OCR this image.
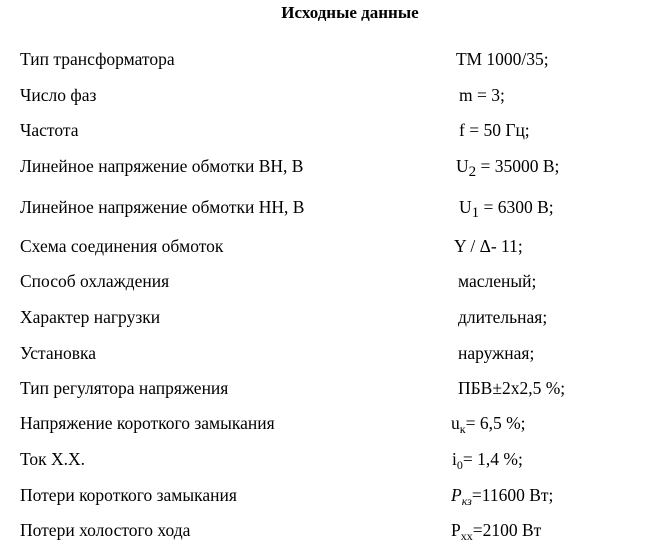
Исходные данные
Тип трансформатора	ТМ 1000/35;
Число фаз	m = 3;
Частота	f = 50 Гц;
Линейное напряжение обмотки ВН, В	U2 = 35000 В;
Линейное напряжение обмотки НН, В	U1 = 6300 В;
Схема соединения обмоток	Y / Δ- 11;
Способ охлаждения	масленый;
Характер нагрузки	длительная;
Установка	наружная;
Тип регулятора напряжения	ПБВ±2х2,5 %;
Напряжение короткого замыкания	$u_к= 6,5$ %;
Ток Х.Х.	$i_0= 1,4$ %;
Потери короткого замыкания	$P_{кз}=11600$ Вт;
Потери холостого хода	$P_{хх}=2100$ Вт
